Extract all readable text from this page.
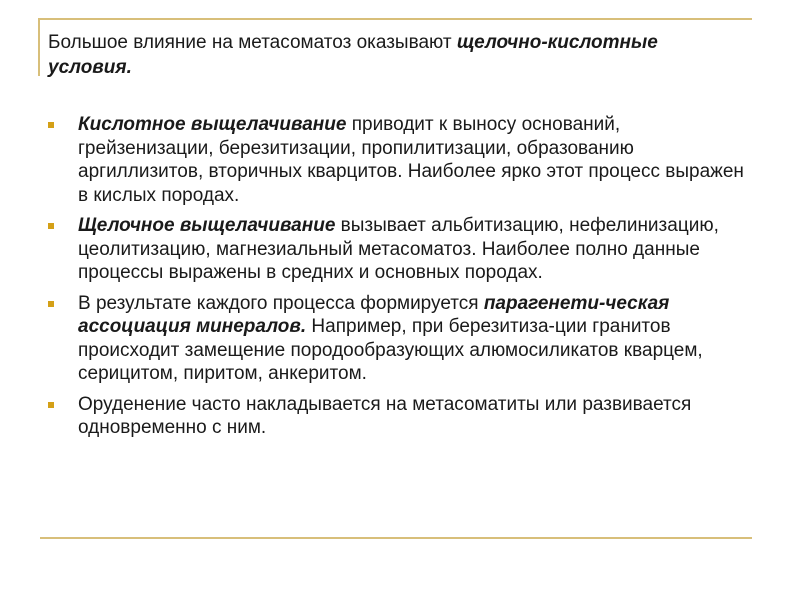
Большое влияние на метасоматоз оказывают щелочно-кислотные условия.
Кислотное выщелачивание приводит к выносу оснований, грейзенизации, березитизации, пропилитизации, образованию аргиллизитов, вторичных кварцитов. Наиболее ярко этот процесс выражен в кислых породах.
Щелочное выщелачивание вызывает альбитизацию, нефелинизацию, цеолитизацию, магнезиальный метасоматоз. Наиболее полно данные процессы выражены в средних и основных породах.
В результате каждого процесса формируется парагенети-ческая ассоциация минералов. Например, при березитиза-ции гранитов происходит замещение породообразующих алюмосиликатов кварцем, серицитом, пиритом, анкеритом.
Оруденение часто накладывается на метасоматиты или развивается одновременно с ним.
